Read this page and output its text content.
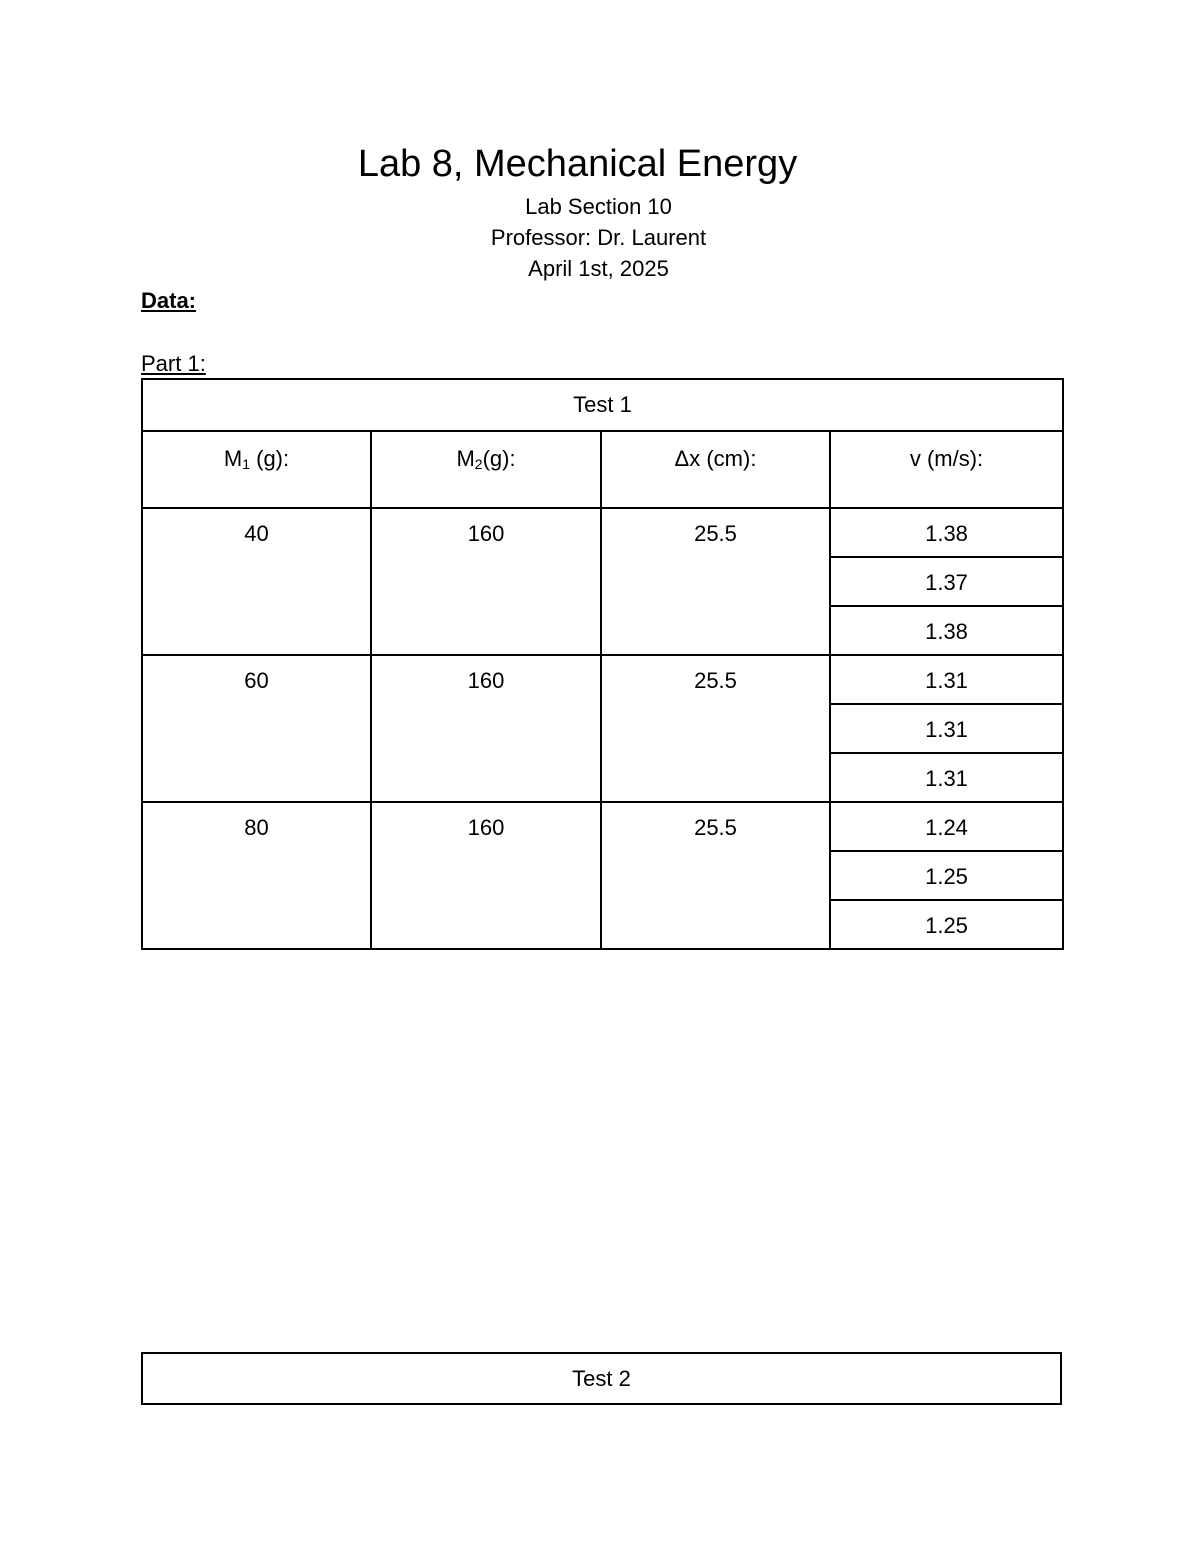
Lab 8, Mechanical Energy
Lab Section 10
Professor: Dr. Laurent
April 1st, 2025
Data:
Part 1:
Test 1			
$M_1$ (g):	$M_2(g)$:	Δx (cm):	v (m/s):
40	160	25.5	1.38
			1.37
			1.38
60	160	25.5	1.31
			1.31
			1.31
80	160	25.5	1.24
			1.25
			1.25
Test 2
